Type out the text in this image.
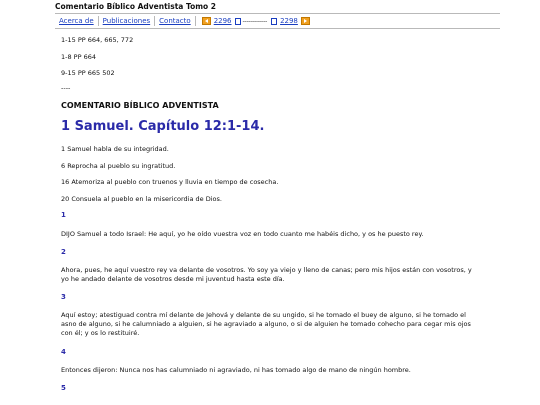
Comentario Bíblico Adventista Tomo 2
Acerca de	Publicaciones	Contacto	2296 ------------	2298

1-15 PP 664, 665, 772

1-8 PP 664

9-15 PP 665 502

----

COMENTARIO BÍBLICO ADVENTISTA

1 Samuel. Capítulo 12:1-14.

1 Samuel habla de su integridad.

6 Reprocha al pueblo su ingratitud.

16 Atemoriza al pueblo con truenos y lluvia en tiempo de cosecha.

20 Consuela al pueblo en la misericordia de Dios.

1

DIJO Samuel a todo Israel: He aquí, yo he oído vuestra voz en todo cuanto me habéis dicho, y os he puesto rey.

2

Ahora, pues, he aquí vuestro rey va delante de vosotros. Yo soy ya viejo y lleno de canas; pero mis hijos están con vosotros, y yo he andado delante de vosotros desde mi juventud hasta este día.

3

Aquí estoy; atestiguad contra mí delante de Jehová y delante de su ungido, si he tomado el buey de alguno, si he tomado el asno de alguno, si he calumniado a alguien, si he agraviado a alguno, o si de alguien he tomado cohecho para cegar mis ojos con él; y os lo restituiré.

4

Entonces dijeron: Nunca nos has calumniado ni agraviado, ni has tomado algo de mano de ningún hombre.

5
